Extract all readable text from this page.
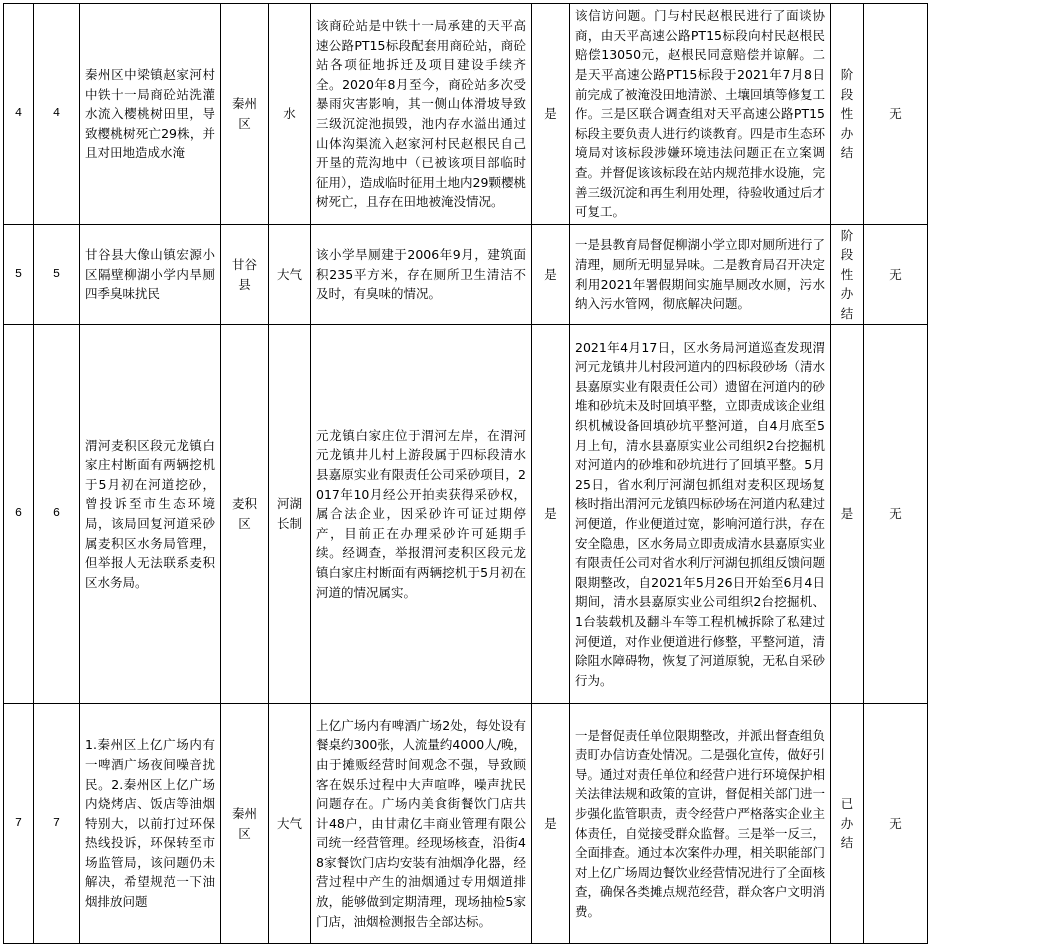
4	4	秦州区中梁镇赵家河村中铁十一局商砼站洗灌水流入樱桃树田里，导致樱桃树死亡29株，并且对田地造成水淹	秦州区	水	该商砼站是中铁十一局承建的天平高速公路PT15标段配套用商砼站，商砼站各项征地拆迁及项目建设手续齐全。2020年8月至今，商砼站多次受暴雨灾害影响，其一侧山体滑坡导致三级沉淀池损毁，池内存水溢出通过山体沟渠流入赵家河村民赵根民自己开垦的荒沟地中（已被该项目部临时征用），造成临时征用土地内29颗樱桃树死亡，且存在田地被淹没情况。	是	该信访问题。门与村民赵根民进行了面谈协商，由天平高速公路PT15标段向村民赵根民赔偿13050元，赵根民同意赔偿并谅解。二是天平高速公路PT15标段于2021年7月8日前完成了被淹没田地清淤、土壤回填等修复工作。三是区联合调查组对天平高速公路PT15标段主要负责人进行约谈教育。四是市生态环境局对该标段涉嫌环境违法问题正在立案调查。并督促该该标段在站内规范排水设施，完善三级沉淀和再生利用处理，待验收通过后才可复工。	阶段性办结	无
5	5	甘谷县大像山镇宏源小区隔壁柳湖小学内旱厕四季臭味扰民	甘谷县	大气	该小学旱厕建于2006年9月，建筑面积235平方米，存在厕所卫生清洁不及时，有臭味的情况。	是	一是县教育局督促柳湖小学立即对厕所进行了清理，厕所无明显异味。二是教育局召开决定利用2021年署假期间实施旱厕改水厕，污水纳入污水管网，彻底解决问题。	阶段性办结	无
6	6	渭河麦积区段元龙镇白家庄村断面有两辆挖机于5月初在河道挖砂，曾投诉至市生态环境局，该局回复河道采砂属麦积区水务局管理，但举报人无法联系麦积区水务局。	麦积区	河湖长制	元龙镇白家庄位于渭河左岸，在渭河元龙镇井儿村上游段属于四标段清水县嘉原实业有限责任公司采砂项目，2017年10月经公开拍卖获得采砂权，属合法企业，因采砂许可证过期停产，目前正在办理采砂许可延期手续。经调查，举报渭河麦积区段元龙镇白家庄村断面有两辆挖机于5月初在河道的情况属实。	是	2021年4月17日，区水务局河道巡查发现渭河元龙镇井儿村段河道内的四标段砂场（清水县嘉原实业有限责任公司）遗留在河道内的砂堆和砂坑未及时回填平整，立即责成该企业组织机械设备回填砂坑平整河道，自4月底至5月上旬，清水县嘉原实业公司组织2台挖掘机对河道内的砂堆和砂坑进行了回填平整。5月25日，省水利厅河湖包抓组对麦积区现场复核时指出渭河元龙镇四标砂场在河道内私建过河便道，作业便道过宽，影响河道行洪，存在安全隐患，区水务局立即责成清水县嘉原实业有限责任公司对省水利厅河湖包抓组反馈问题限期整改，自2021年5月26日开始至6月4日期间，清水县嘉原实业公司组织2台挖掘机、1台装载机及翻斗车等工程机械拆除了私建过河便道，对作业便道进行修整，平整河道，清除阻水障碍物，恢复了河道原貌，无私自采砂行为。	是	无
7	7	1.秦州区上亿广场内有一啤酒广场夜间噪音扰民。2.秦州区上亿广场内烧烤店、饭店等油烟特别大，以前打过环保热线投诉，环保转至市场监管局，该问题仍未解决，希望规范一下油烟排放问题	秦州区	大气	上亿广场内有啤酒广场2处，每处设有餐桌约300张，人流量约4000人/晚，由于摊贩经营时间观念不强，导致顾客在娱乐过程中大声喧哗，噪声扰民问题存在。广场内美食街餐饮门店共计48户，由甘肃亿丰商业管理有限公司统一经营管理。经现场核查，沿街48家餐饮门店均安装有油烟净化器，经营过程中产生的油烟通过专用烟道排放，能够做到定期清理，现场抽检5家门店，油烟检测报告全部达标。	是	一是督促责任单位限期整改，并派出督查组负责盯办信访查处情况。二是强化宣传，做好引导。通过对责任单位和经营户进行环境保护相关法律法规和政策的宣讲，督促相关部门进一步强化监管职责，责令经营户严格落实企业主体责任，自觉接受群众监督。三是举一反三，全面排查。通过本次案件办理，相关职能部门对上亿广场周边餐饮业经营情况进行了全面核查，确保各类摊点规范经营，群众客户文明消费。	已办结	无
